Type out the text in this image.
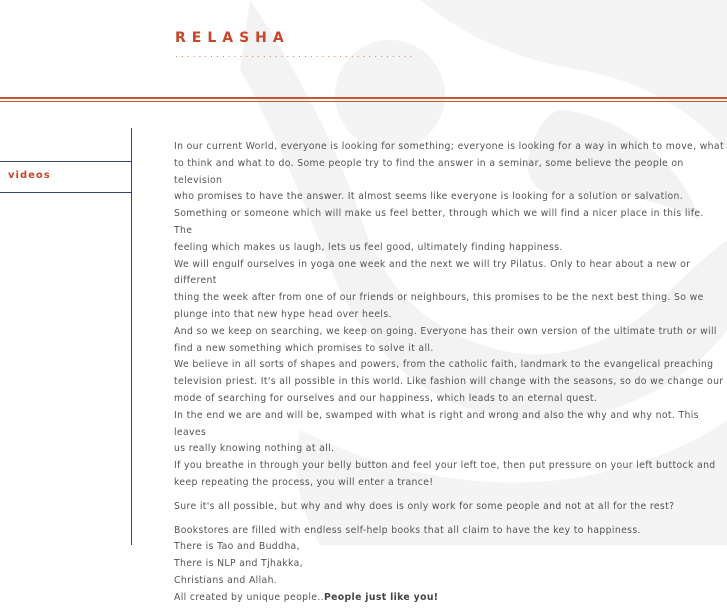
RELASHA
.........................................
videos

In our current World, everyone is looking for something; everyone is looking for a way in which to move, what
to think and what to do. Some people try to find the answer in a seminar, some believe the people on television
who promises to have the answer. It almost seems like everyone is looking for a solution or salvation.
Something or someone which will make us feel better, through which we will find a nicer place in this life. The
feeling which makes us laugh, lets us feel good, ultimately finding happiness.
We will engulf ourselves in yoga one week and the next we will try Pilatus. Only to hear about a new or different
thing the week after from one of our friends or neighbours, this promises to be the next best thing. So we
plunge into that new hype head over heels.
And so we keep on searching, we keep on going. Everyone has their own version of the ultimate truth or will
find a new something which promises to solve it all.
We believe in all sorts of shapes and powers, from the catholic faith, landmark to the evangelical preaching
television priest. It's all possible in this world. Like fashion will change with the seasons, so do we change our
mode of searching for ourselves and our happiness, which leads to an eternal quest.
In the end we are and will be, swamped with what is right and wrong and also the why and why not. This leaves
us really knowing nothing at all.
If you breathe in through your belly button and feel your left toe, then put pressure on your left buttock and
keep repeating the process, you will enter a trance!

Sure it's all possible, but why and why does is only work for some people and not at all for the rest?

Bookstores are filled with endless self-help books that all claim to have the key to happiness.
There is Tao and Buddha,
There is NLP and Tjhakka,
Christians and Allah.
All created by unique people..People just like you!
